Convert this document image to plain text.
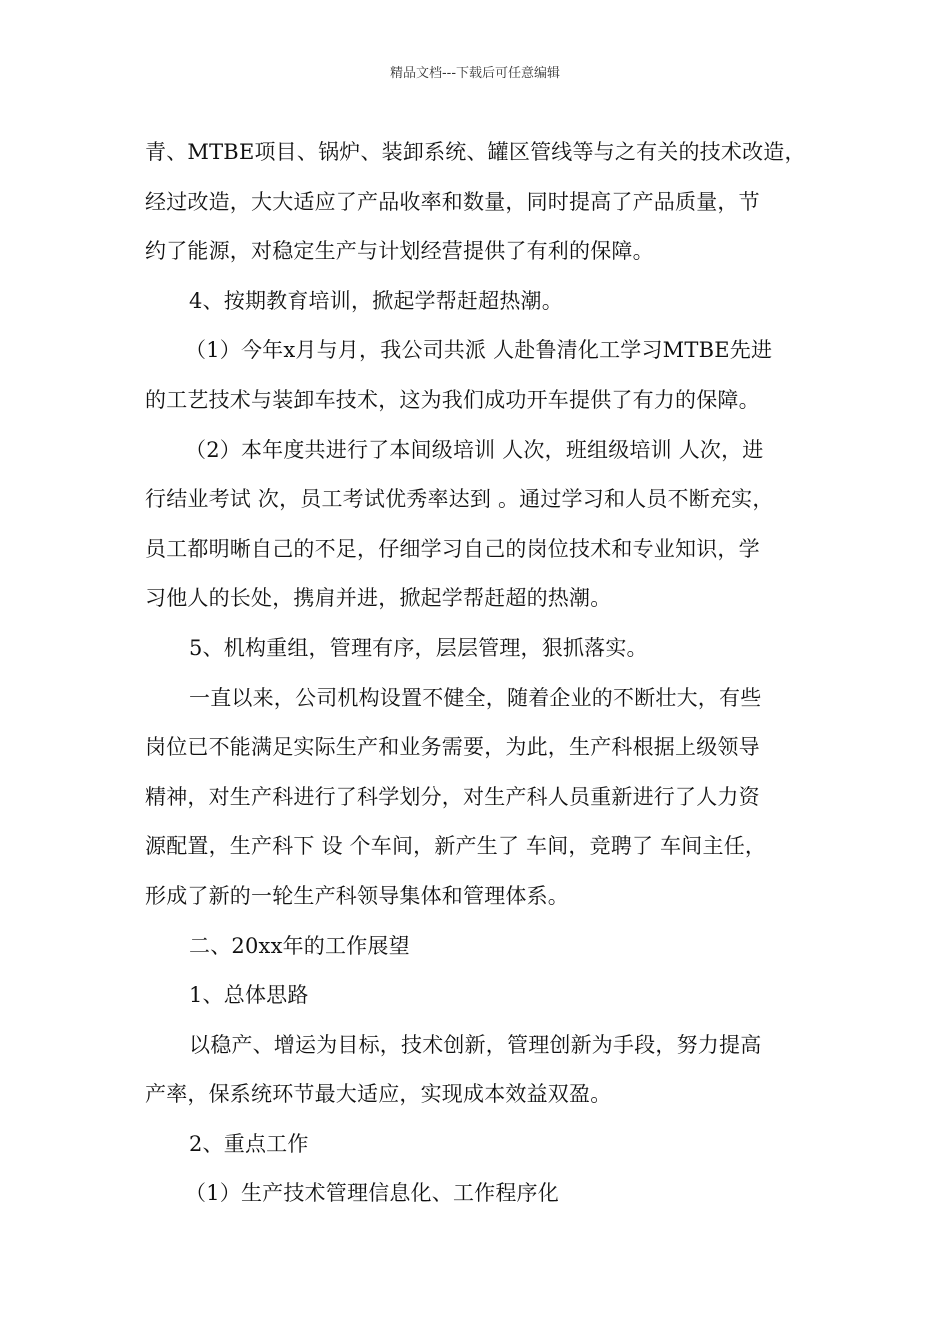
精品文档---下载后可任意编辑
青、MTBE项目、锅炉、装卸系统、罐区管线等与之有关的技术改造，
经过改造，大大适应了产品收率和数量，同时提高了产品质量，节
约了能源，对稳定生产与计划经营提供了有利的保障。
4、按期教育培训，掀起学帮赶超热潮。
（1）今年x月与月，我公司共派 人赴鲁清化工学习MTBE先进
的工艺技术与装卸车技术，这为我们成功开车提供了有力的保障。
（2）本年度共进行了本间级培训 人次，班组级培训 人次，进
行结业考试 次，员工考试优秀率达到 。通过学习和人员不断充实，
员工都明晰自己的不足，仔细学习自己的岗位技术和专业知识，学
习他人的长处，携肩并进，掀起学帮赶超的热潮。
5、机构重组，管理有序，层层管理，狠抓落实。
一直以来，公司机构设置不健全，随着企业的不断壮大，有些
岗位已不能满足实际生产和业务需要，为此，生产科根据上级领导
精神，对生产科进行了科学划分，对生产科人员重新进行了人力资
源配置，生产科下 设 个车间，新产生了 车间，竞聘了 车间主任，
形成了新的一轮生产科领导集体和管理体系。
二、20xx年的工作展望
1、总体思路
以稳产、增运为目标，技术创新，管理创新为手段，努力提高
产率，保系统环节最大适应，实现成本效益双盈。
2、重点工作
（1）生产技术管理信息化、工作程序化
